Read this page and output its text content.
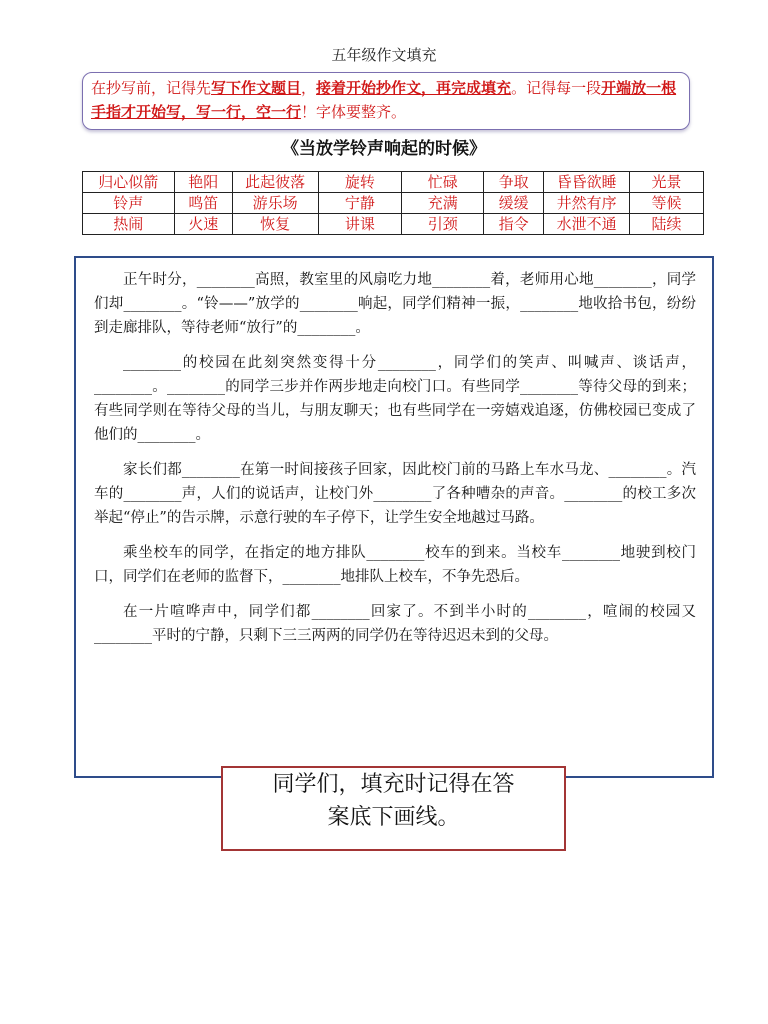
五年级作文填充
在抄写前，记得先写下作文题目，接着开始抄作文，再完成填充。记得每一段开端放一根手指才开始写，写一行，空一行！字体要整齐。
《当放学铃声响起的时候》
归心似箭	艳阳	此起彼落	旋转	忙碌	争取	昏昏欲睡	光景
铃声	鸣笛	游乐场	宁静	充满	缓缓	井然有序	等候
热闹	火速	恢复	讲课	引颈	指令	水泄不通	陆续

正午时分，________高照，教室里的风扇吃力地________着，老师用心地________，同学们却________。“铃——”放学的________响起，同学们精神一振，________地收拾书包，纷纷到走廊排队，等待老师“放行”的________。

________的校园在此刻突然变得十分________，同学们的笑声、叫喊声、谈话声，________。________的同学三步并作两步地走向校门口。有些同学________等待父母的到来；有些同学则在等待父母的当儿，与朋友聊天；也有些同学在一旁嬉戏追逐，仿佛校园已变成了他们的________。

家长们都________在第一时间接孩子回家，因此校门前的马路上车水马龙、________。汽车的________声，人们的说话声，让校门外________了各种嘈杂的声音。________的校工多次举起“停止”的告示牌，示意行驶的车子停下，让学生安全地越过马路。

乘坐校车的同学，在指定的地方排队________校车的到来。当校车________地驶到校门口，同学们在老师的监督下，________地排队上校车，不争先恐后。

在一片喧哗声中，同学们都________回家了。不到半小时的________，喧闹的校园又________平时的宁静，只剩下三三两两的同学仍在等待迟迟未到的父母。

同学们，填充时记得在答
案底下画线。
